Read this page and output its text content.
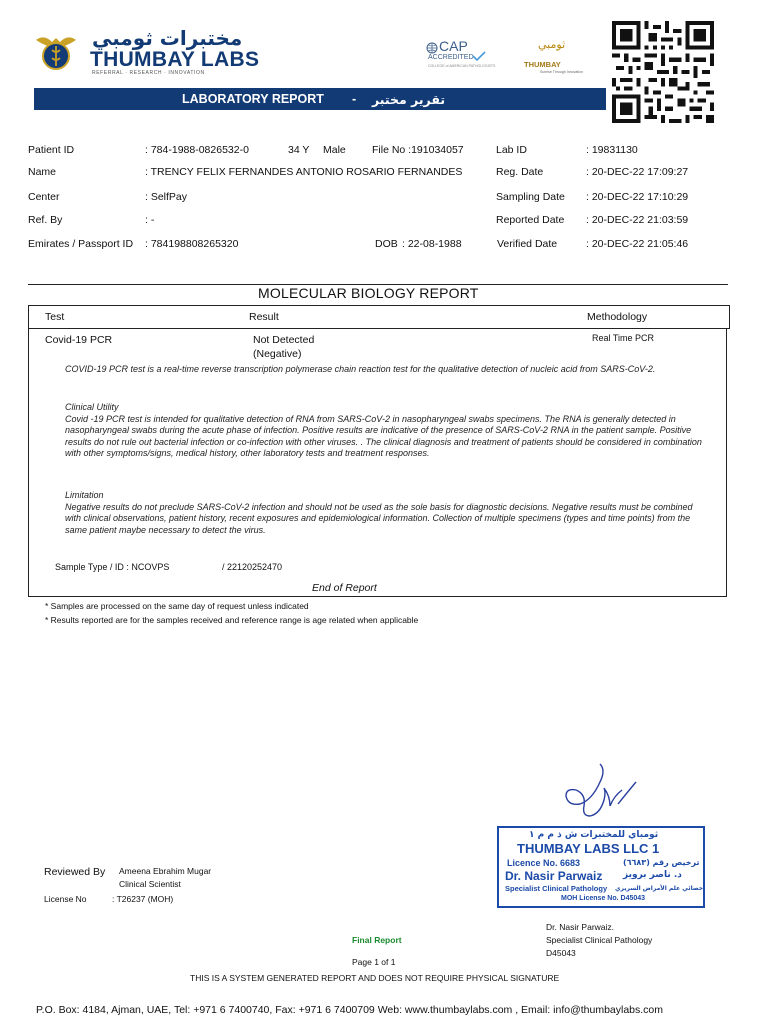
مختبرات ثومبي
THUMBAY LABS
REFERRAL · RESEARCH · INNOVATION
CAP
ACCREDITED
COLLEGE of AMERICAN PATHOLOGISTS
ثومبي
THUMBAY
Sunrise Through Innovation
LABORATORY REPORT - تقرير مختبر
Patient ID	: 784-1988-0826532-0	34 Y Male File No :191034057	Lab ID	: 19831130
Name	: TRENCY FELIX FERNANDES ANTONIO ROSARIO FERNANDES	Reg. Date	: 20-DEC-22 17:09:27
Center	: SelfPay	Sampling Date : 20-DEC-22 17:10:29
Ref. By	: -	Reported Date : 20-DEC-22 21:03:59
Emirates / Passport ID : 784198808265320	DOB : 22-08-1988	Verified Date	: 20-DEC-22 21:05:46
MOLECULAR BIOLOGY REPORT
Test	Result	Methodology
Covid-19 PCR	Not Detected
(Negative)
Real Time PCR
COVID-19 PCR test is a real-time reverse transcription polymerase chain reaction test for the qualitative detection of nucleic acid from SARS-CoV-2.
Clinical Utility
Covid -19 PCR test is intended for qualitative detection of RNA from SARS-CoV-2 in nasopharyngeal swabs specimens. The RNA is generally detected in nasopharyngeal swabs during the acute phase of infection. Positive results are indicative of the presence of SARS-CoV-2 RNA in the patient sample. Positive results do not rule out bacterial infection or co-infection with other viruses. . The clinical diagnosis and treatment of patients should be considered in combination with other symptoms/signs, medical history, other laboratory tests and treatment responses.
Limitation
Negative results do not preclude SARS-CoV-2 infection and should not be used as the sole basis for diagnostic decisions. Negative results must be combined with clinical observations, patient history, recent exposures and epidemiological information. Collection of multiple specimens (types and time points) from the same patient maybe necessary to detect the virus.
Sample Type / ID : NCOVPS	/ 22120252470
End of Report
* Samples are processed on the same day of request unless indicated
* Results reported are for the samples received and reference range is age related when applicable
ثومباي للمختبرات ش ذ م م ١
THUMBAY LABS LLC 1
Licence No. 6683	ترخيص رقم (٦٦٨٣)
Dr. Nasir Parwaiz د. ناصر برويز
Specialist Clinical Pathology أخصائي علم الأمراض السريري
MOH License No. D45043
Reviewed By Ameena Ebrahim Mugar
Clinical Scientist
License No	: T26237 (MOH)
Dr. Nasir Parwaiz.
Specialist Clinical Pathology
D45043
Final Report
Page 1 of 1
THIS IS A SYSTEM GENERATED REPORT AND DOES NOT REQUIRE PHYSICAL SIGNATURE
P.O. Box: 4184, Ajman, UAE, Tel: +971 6 7400740, Fax: +971 6 7400709 Web: www.thumbaylabs.com , Email: info@thumbaylabs.com
